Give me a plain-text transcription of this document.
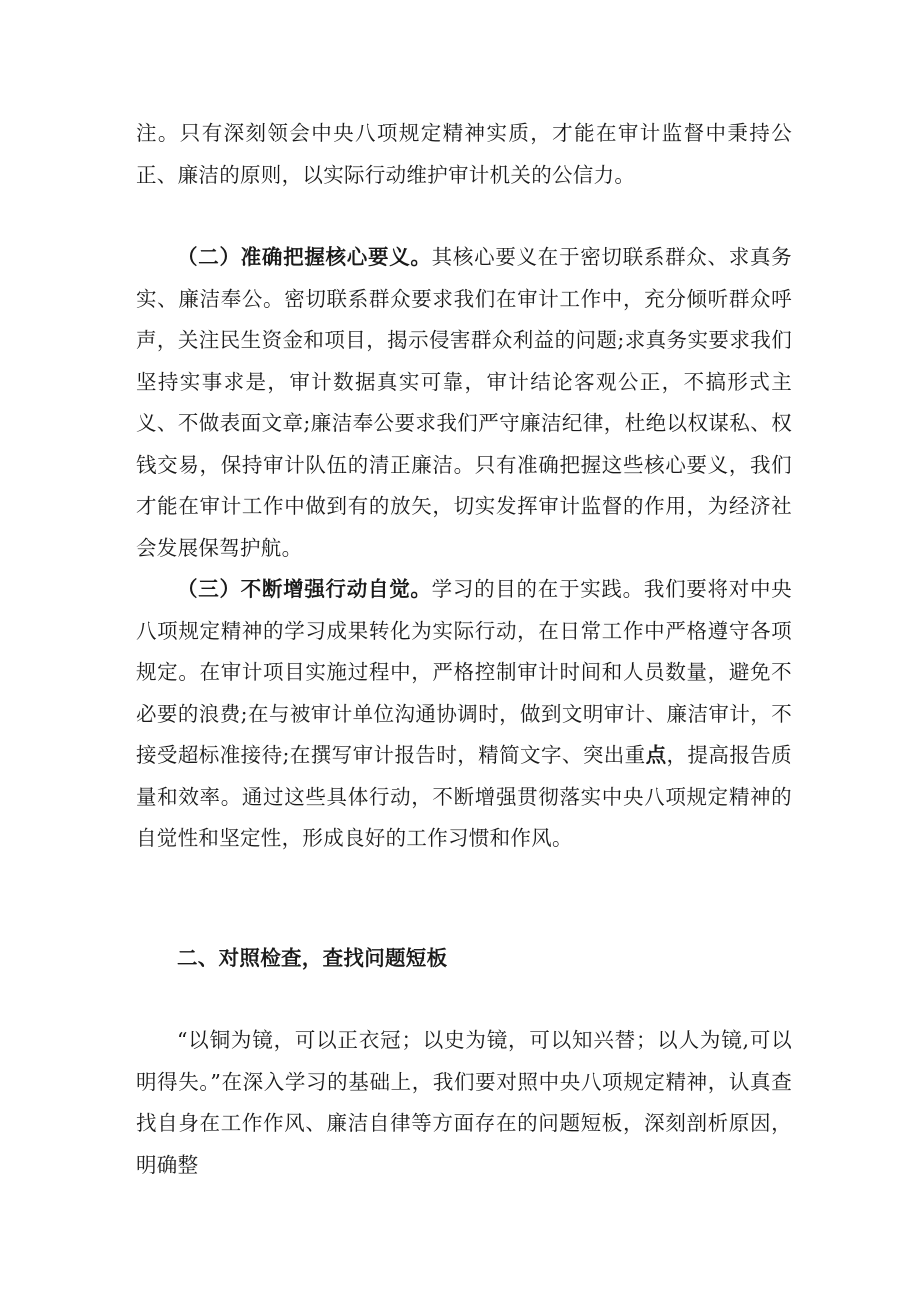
注。只有深刻领会中央八项规定精神实质，才能在审计监督中秉持公正、廉洁的原则，以实际行动维护审计机关的公信力。

（二）准确把握核心要义。其核心要义在于密切联系群众、求真务实、廉洁奉公。密切联系群众要求我们在审计工作中，充分倾听群众呼声，关注民生资金和项目，揭示侵害群众利益的问题;求真务实要求我们坚持实事求是，审计数据真实可靠，审计结论客观公正，不搞形式主义、不做表面文章;廉洁奉公要求我们严守廉洁纪律，杜绝以权谋私、权钱交易，保持审计队伍的清正廉洁。只有准确把握这些核心要义，我们才能在审计工作中做到有的放矢，切实发挥审计监督的作用，为经济社会发展保驾护航。

（三）不断增强行动自觉。学习的目的在于实践。我们要将对中央八项规定精神的学习成果转化为实际行动，在日常工作中严格遵守各项规定。在审计项目实施过程中，严格控制审计时间和人员数量，避免不必要的浪费;在与被审计单位沟通协调时，做到文明审计、廉洁审计，不接受超标准接待;在撰写审计报告时，精简文字、突出重点，提高报告质量和效率。通过这些具体行动，不断增强贯彻落实中央八项规定精神的自觉性和坚定性，形成良好的工作习惯和作风。

二、对照检查，查找问题短板

“以铜为镜，可以正衣冠；以史为镜，可以知兴替；以人为镜,可以明得失。”在深入学习的基础上，我们要对照中央八项规定精神，认真查找自身在工作作风、廉洁自律等方面存在的问题短板，深刻剖析原因，明确整
